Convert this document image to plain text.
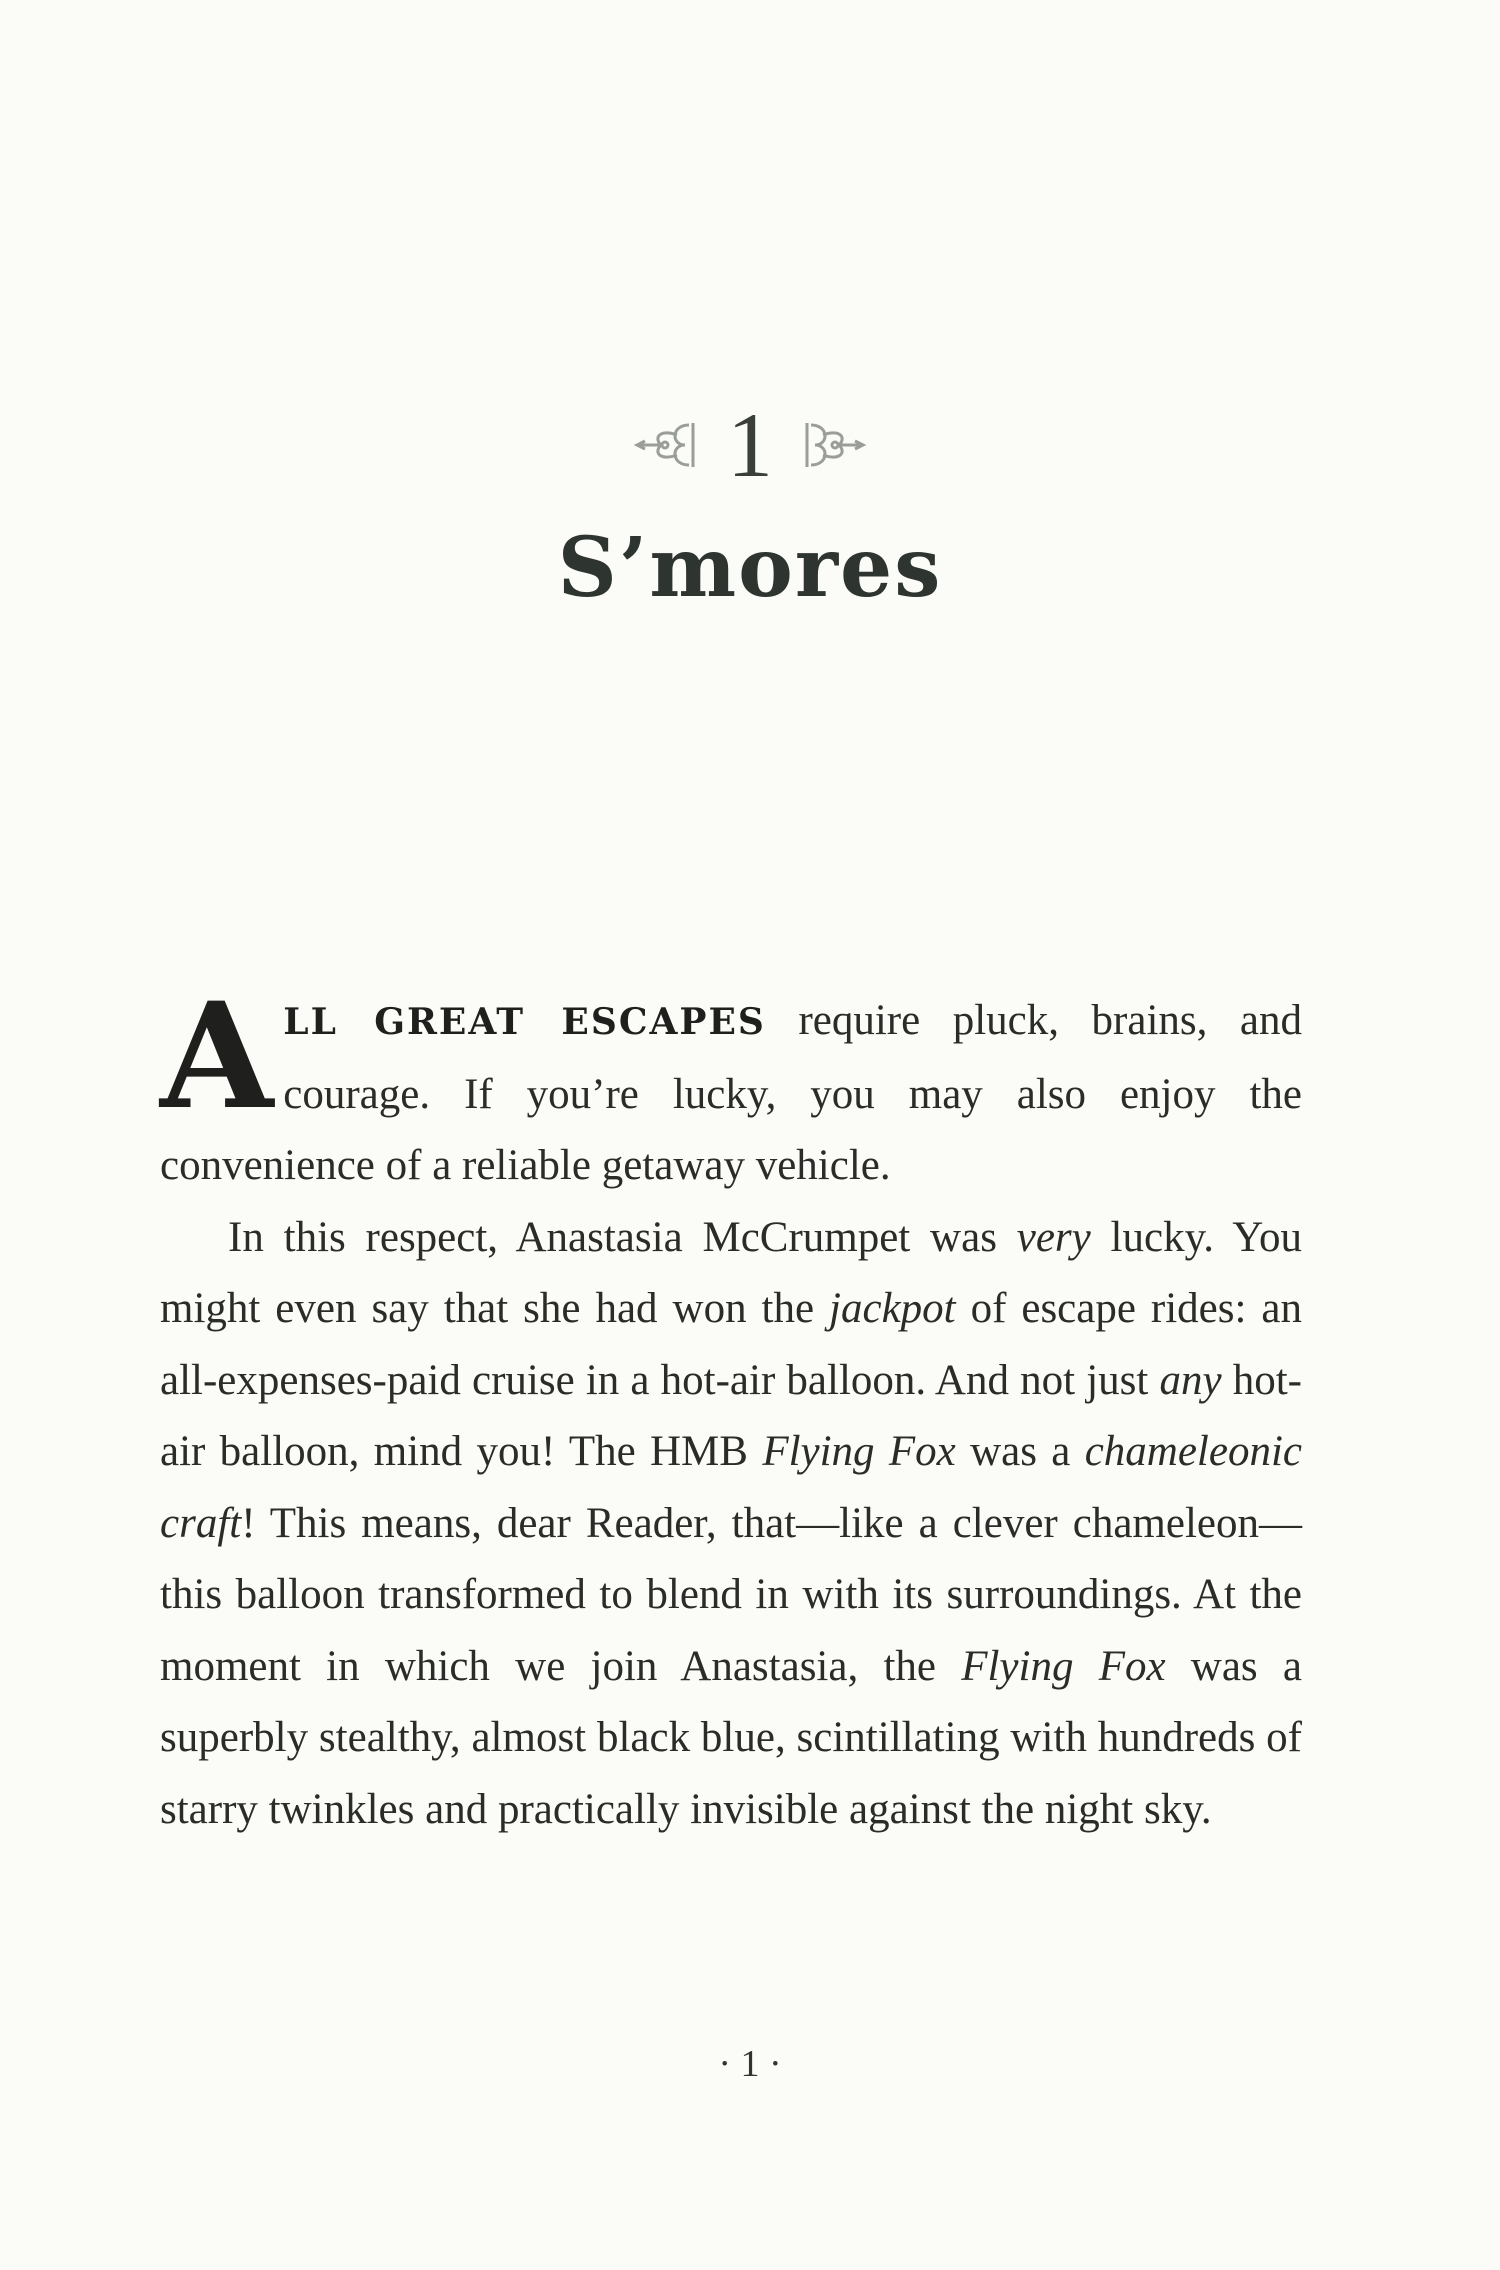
1
S’mores

ALL GREAT ESCAPES require pluck, brains, and courage. If you’re lucky, you may also enjoy the convenience of a reliable getaway vehicle.

In this respect, Anastasia McCrumpet was very lucky. You might even say that she had won the jackpot of escape rides: an all-expenses-paid cruise in a hot-air balloon. And not just any hot-air balloon, mind you! The HMB Flying Fox was a chameleonic craft! This means, dear Reader, that—like a clever chameleon—this balloon transformed to blend in with its surroundings. At the moment in which we join Anastasia, the Flying Fox was a superbly stealthy, almost black blue, scintillating with hundreds of starry twinkles and practically invisible against the night sky.

· 1 ·
